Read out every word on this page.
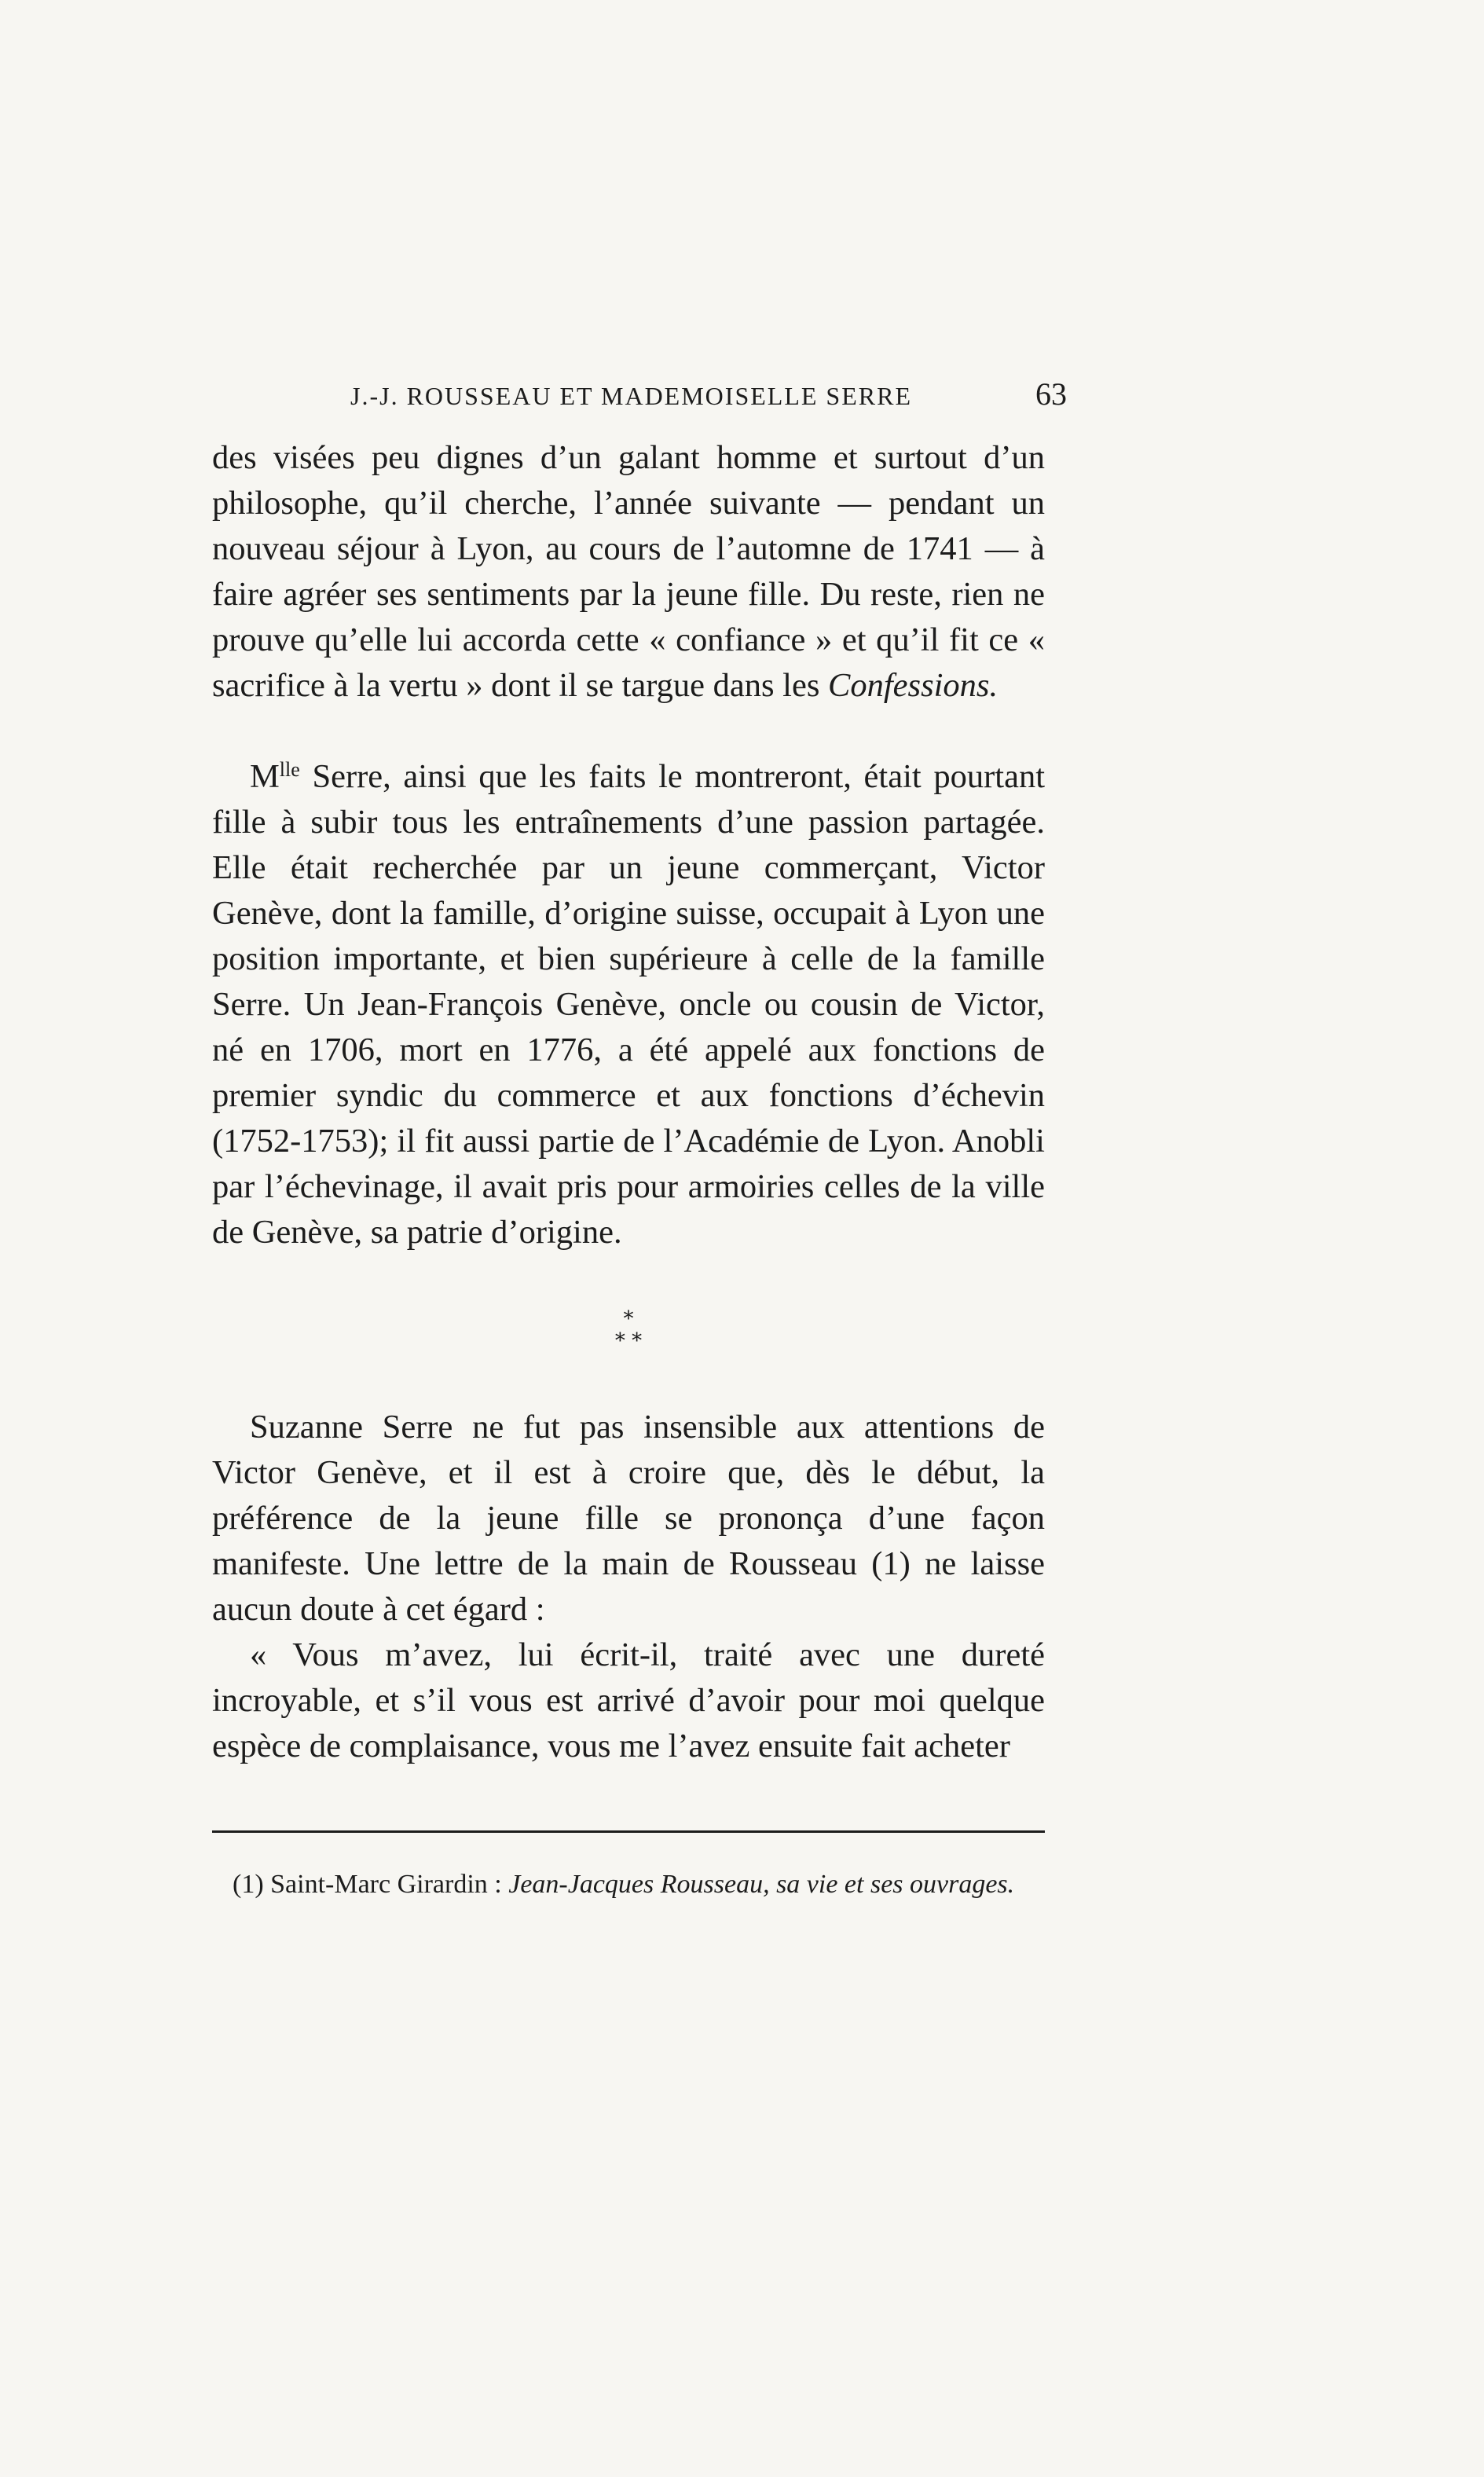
J.-J. ROUSSEAU ET MADEMOISELLE SERRE	63

des visées peu dignes d’un galant homme et surtout d’un philosophe, qu’il cherche, l’année suivante — pendant un nouveau séjour à Lyon, au cours de l’automne de 1741 — à faire agréer ses sentiments par la jeune fille. Du reste, rien ne prouve qu’elle lui accorda cette « confiance » et qu’il fit ce « sacrifice à la vertu » dont il se targue dans les Confessions.

$M^{lle}$ Serre, ainsi que les faits le montreront, était pourtant fille à subir tous les entraînements d’une passion partagée. Elle était recherchée par un jeune commerçant, Victor Genève, dont la famille, d’origine suisse, occupait à Lyon une position importante, et bien supérieure à celle de la famille Serre. Un Jean-François Genève, oncle ou cousin de Victor, né en 1706, mort en 1776, a été appelé aux fonctions de premier syndic du commerce et aux fonctions d’échevin (1752-1753); il fit aussi partie de l’Académie de Lyon. Anobli par l’échevinage, il avait pris pour armoiries celles de la ville de Genève, sa patrie d’origine.

*
* *

Suzanne Serre ne fut pas insensible aux attentions de Victor Genève, et il est à croire que, dès le début, la préférence de la jeune fille se prononça d’une façon manifeste. Une lettre de la main de Rousseau (1) ne laisse aucun doute à cet égard :

« Vous m’avez, lui écrit-il, traité avec une dureté incroyable, et s’il vous est arrivé d’avoir pour moi quelque espèce de complaisance, vous me l’avez ensuite fait acheter

(1) Saint-Marc Girardin : Jean-Jacques Rousseau, sa vie et ses ouvrages.
